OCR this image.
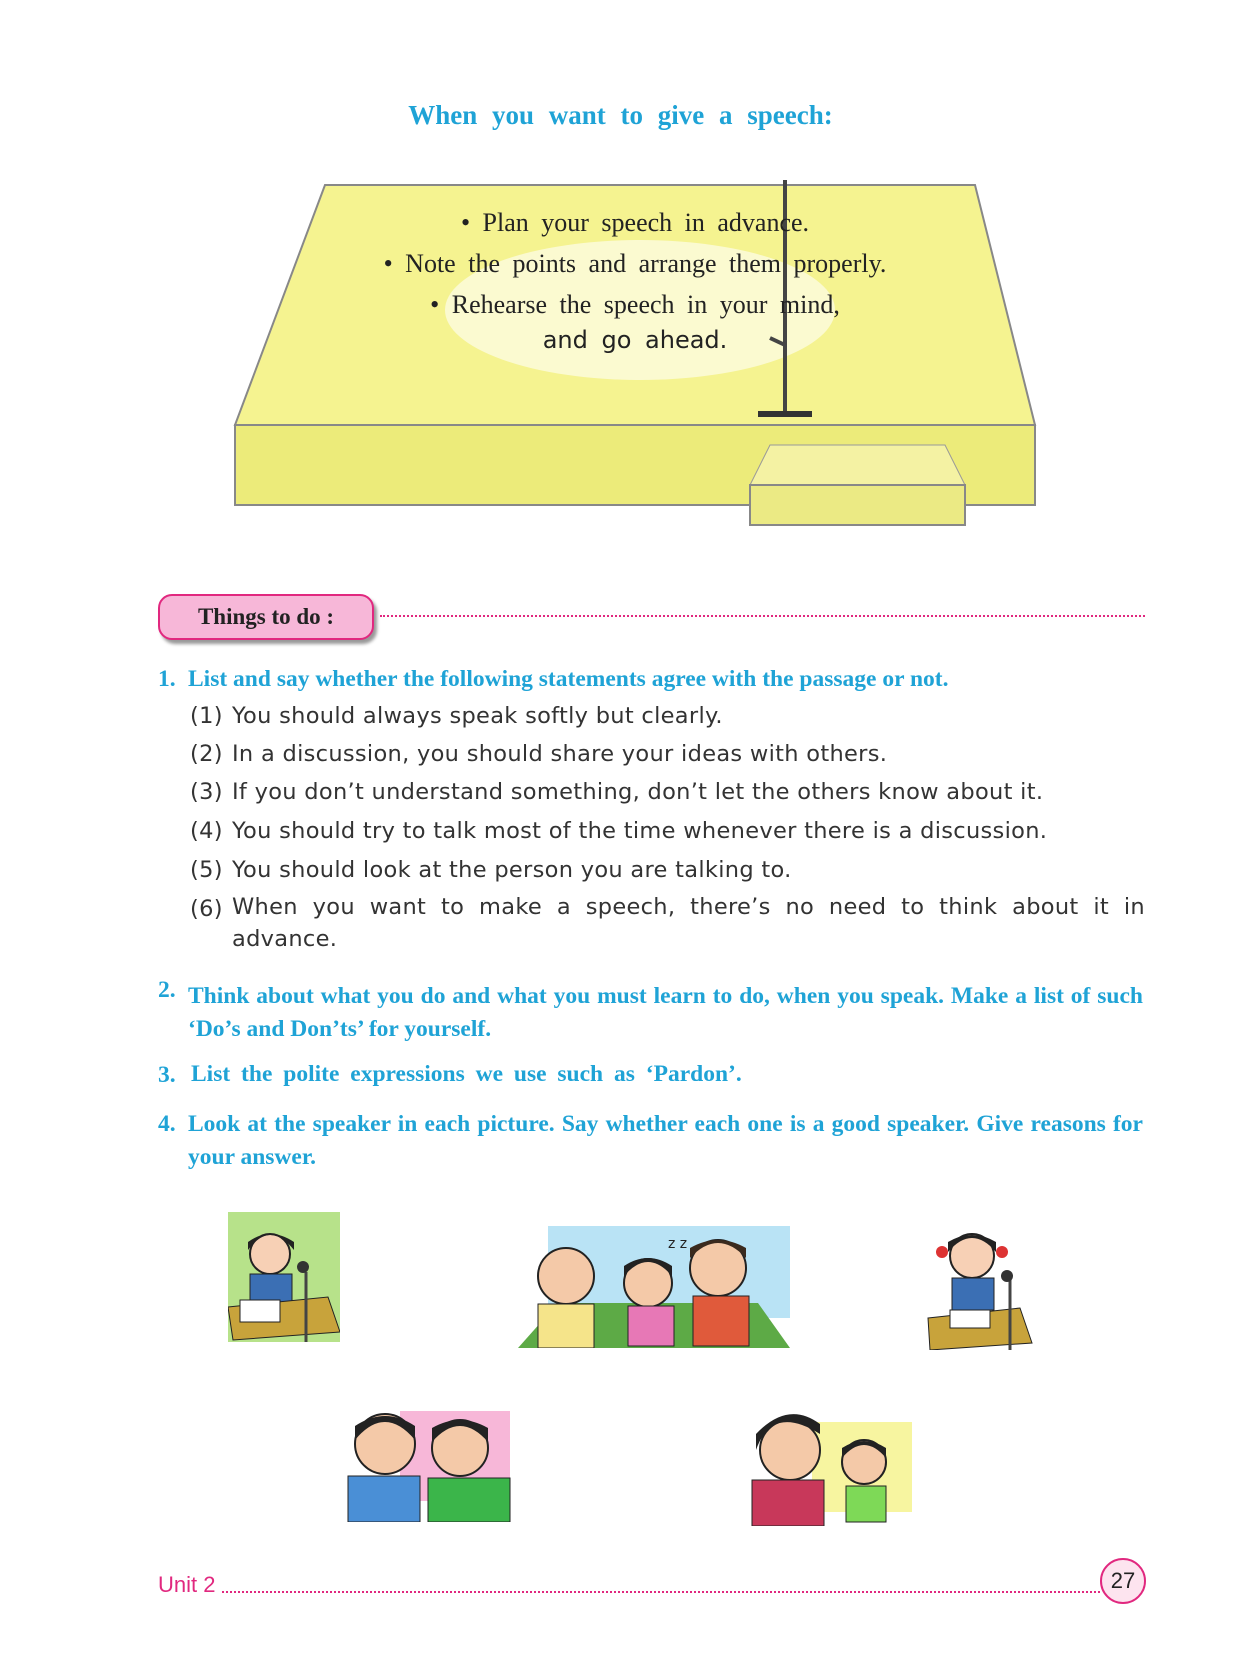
When you want to give a speech:
• Plan your speech in advance.
• Note the points and arrange them properly.
• Rehearse the speech in your mind,
and go ahead.
Things to do :
1. List and say whether the following statements agree with the passage or not.
(1) You should always speak softly but clearly.
(2) In a discussion, you should share your ideas with others.
(3) If you don’t understand something, don’t let the others know about it.
(4) You should try to talk most of the time whenever there is a discussion.
(5) You should look at the person you are talking to.
(6) When you want to make a speech, there’s no need to think about it in advance.
2. Think about what you do and what you must learn to do, when you speak. Make a list of such ‘Do’s and Don’ts’ for yourself.
3. List the polite expressions we use such as ‘Pardon’.
4. Look at the speaker in each picture. Say whether each one is a good speaker. Give reasons for your answer.
z z
Unit 2	27
